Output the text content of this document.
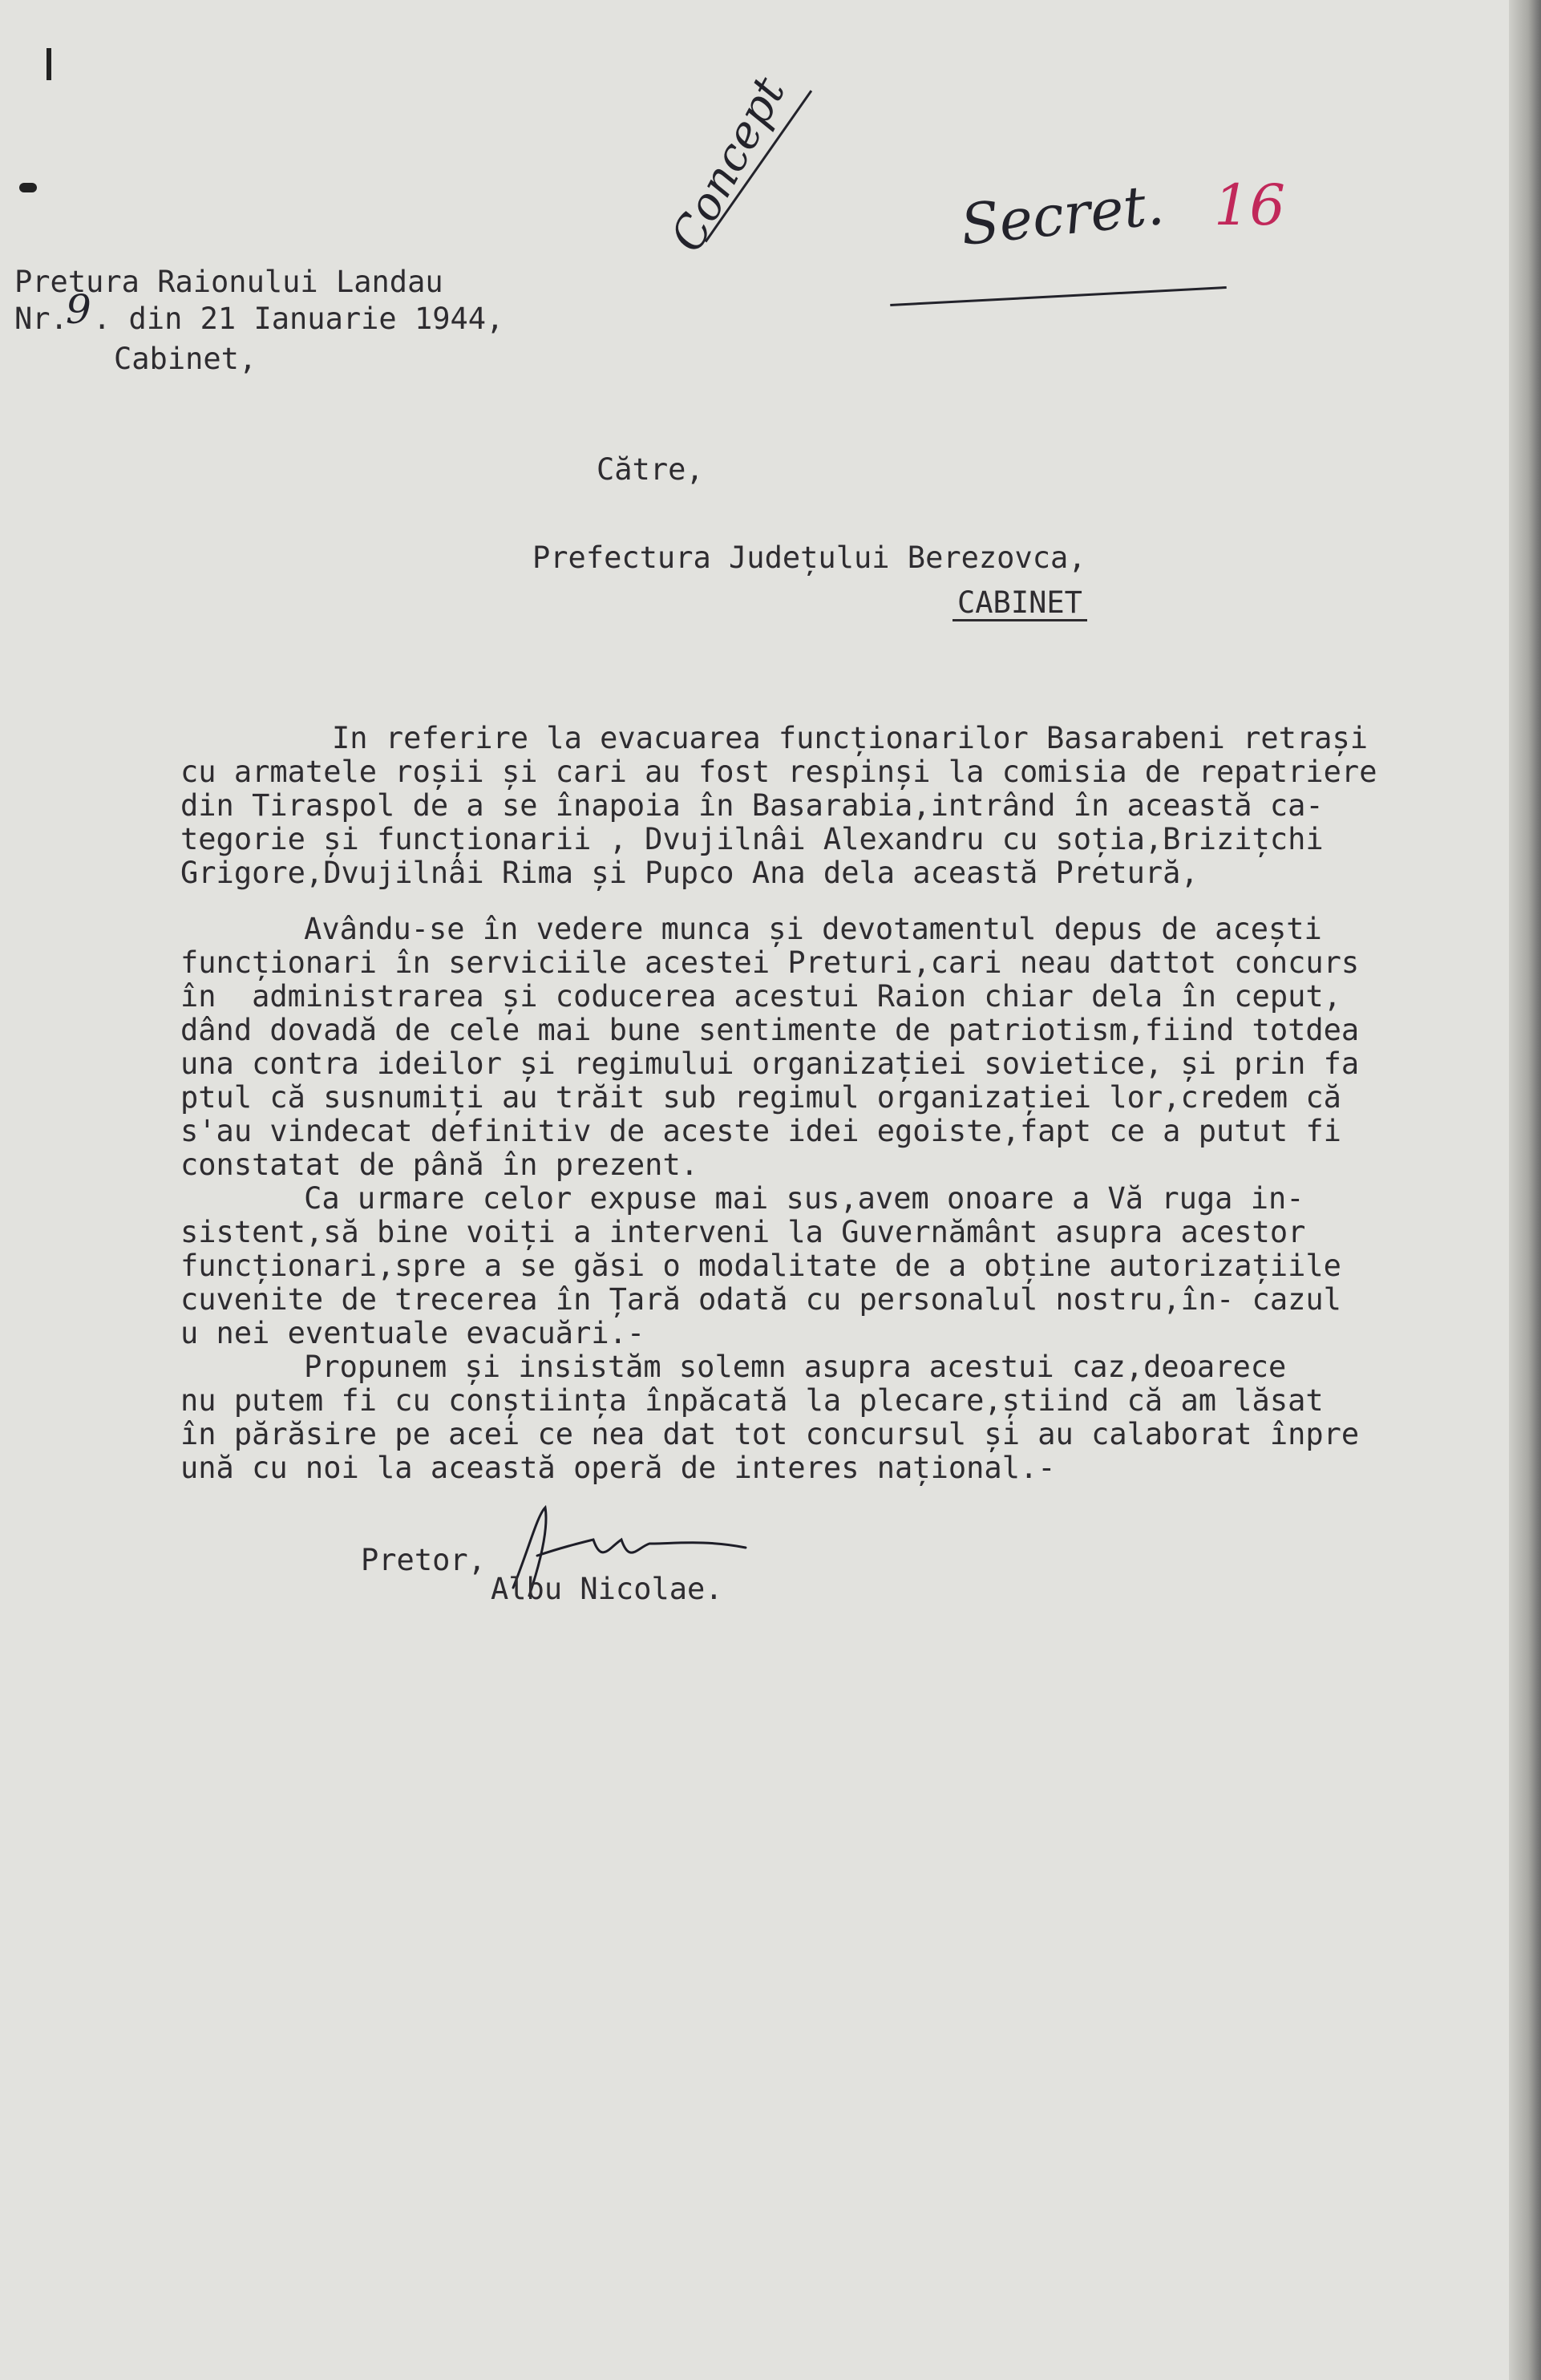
Pretura Raionului Landau

Nr.

9 . din 21 Ianuarie 1944,

Cabinet,

Concept	Secret. 16

Către,

Prefectura Județului Berezovca,

CABINET

In referire la evacuarea funcționarilor Basarabeni retrași

cu armatele roșii și cari au fost respinși la comisia de repatriere

din Tiraspol de a se înapoia în Basarabia,intrând în această ca-

tegorie și funcționarii , Dvujilnâi Alexandru cu soția,Brizițchi

Grigore,Dvujilnâi Rima și Pupco Ana dela această Pretură,

Avându-se în vedere munca și devotamentul depus de acești

funcționari în serviciile acestei Preturi,cari neau dattot concurs

în  administrarea și coducerea acestui Raion chiar dela în ceput,

dând dovadă de cele mai bune sentimente de patriotism,fiind totdea

una contra ideilor și regimului organizației sovietice, și prin fa

ptul că susnumiți au trăit sub regimul organizației lor,credem că

s'au vindecat definitiv de aceste idei egoiste,fapt ce a putut fi

constatat de până în prezent.

Ca urmare celor expuse mai sus,avem onoare a Vă ruga in-

sistent,să bine voiți a interveni la Guvernământ asupra acestor

funcționari,spre a se găsi o modalitate de a obține autorizațiile

cuvenite de trecerea în Țară odată cu personalul nostru,în- cazul

u nei eventuale evacuări.-

Propunem și insistăm solemn asupra acestui caz,deoarece

nu putem fi cu conștiința înpăcată la plecare,știind că am lăsat

în părăsire pe acei ce nea dat tot concursul și au calaborat înpre

ună cu noi la această operă de interes național.-

Pretor,

Albu Nicolae.
